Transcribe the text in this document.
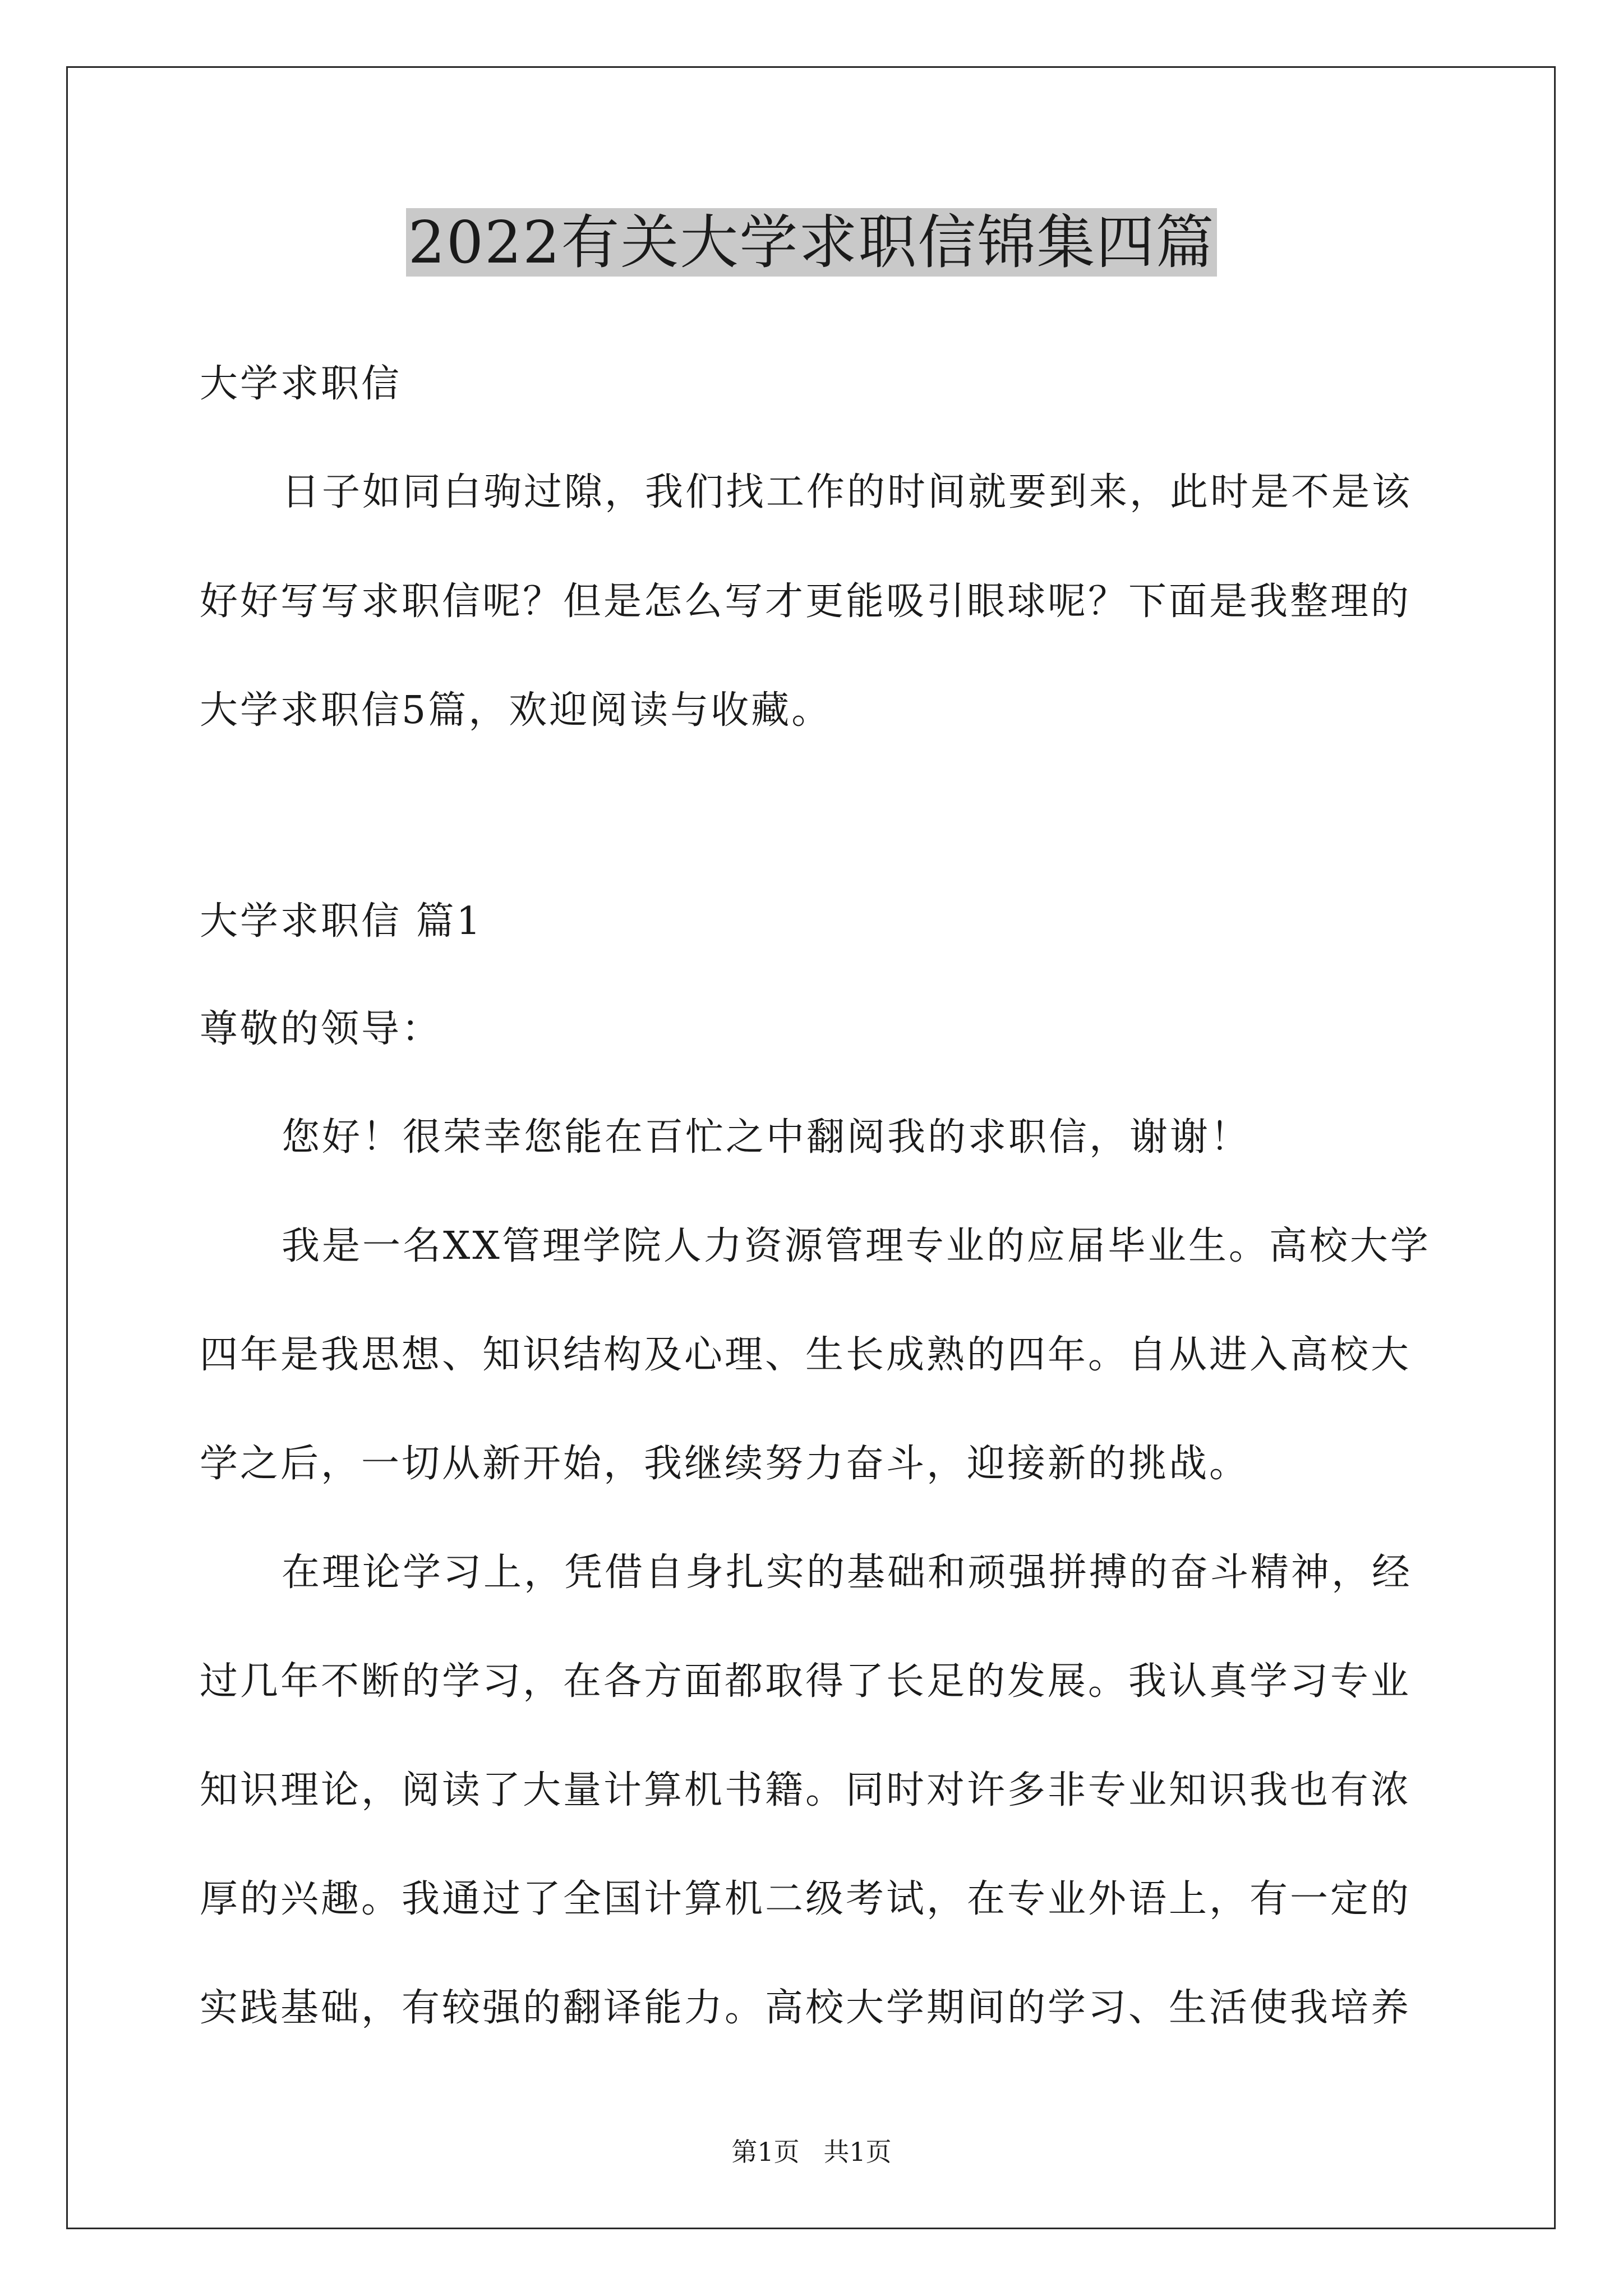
2022有关大学求职信锦集四篇

大学求职信

日子如同白驹过隙，我们找工作的时间就要到来，此时是不是该

好好写写求职信呢？但是怎么写才更能吸引眼球呢？下面是我整理的

大学求职信5篇，欢迎阅读与收藏。

大学求职信 篇1

尊敬的领导：

您好！很荣幸您能在百忙之中翻阅我的求职信，谢谢！

我是一名XX管理学院人力资源管理专业的应届毕业生。高校大学

四年是我思想、知识结构及心理、生长成熟的四年。自从进入高校大

学之后，一切从新开始，我继续努力奋斗，迎接新的挑战。

在理论学习上，凭借自身扎实的基础和顽强拼搏的奋斗精神，经

过几年不断的学习，在各方面都取得了长足的发展。我认真学习专业

知识理论，阅读了大量计算机书籍。同时对许多非专业知识我也有浓

厚的兴趣。我通过了全国计算机二级考试，在专业外语上，有一定的

实践基础，有较强的翻译能力。高校大学期间的学习、生活使我培养

第1页 共1页
